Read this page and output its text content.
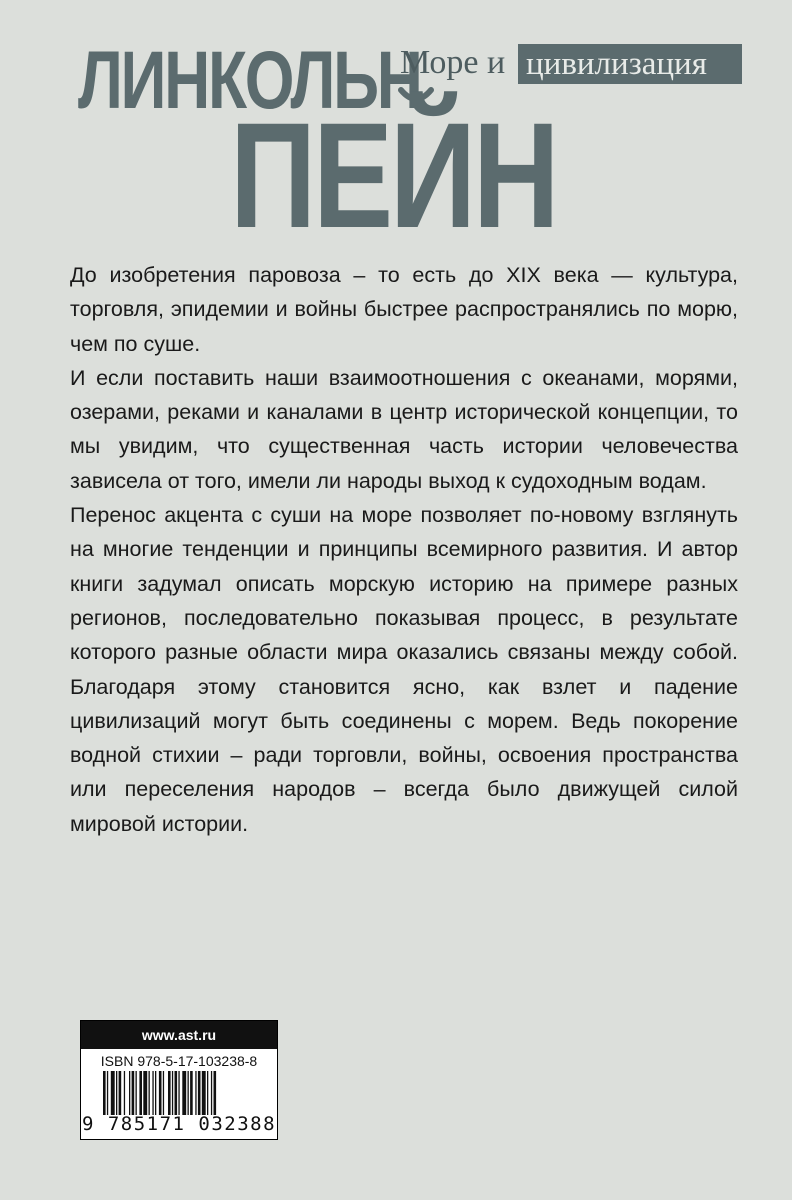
ЛИНКОЛЬН
Море и цивилизация
ПЕЙН

До изобретения паровоза – то есть до XIX века — культура, торговля, эпидемии и войны быстрее распространялись по морю, чем по суше.

И если поставить наши взаимоотношения с океанами, морями, озерами, реками и каналами в центр исторической концепции, то мы увидим, что существенная часть истории человечества зависела от того, имели ли народы выход к судоходным водам.

Перенос акцента с суши на море позволяет по-новому взглянуть на многие тенденции и принципы всемирного развития. И автор книги задумал описать морскую историю на примере разных регионов, последовательно показывая процесс, в результате которого разные области мира оказались связаны между собой. Благодаря этому становится ясно, как взлет и падение цивилизаций могут быть соединены с морем. Ведь покорение водной стихии – ради торговли, войны, освоения пространства или переселения народов – всегда было движущей силой мировой истории.

www.ast.ru
ISBN 978-5-17-103238-8
9 785171 032388
